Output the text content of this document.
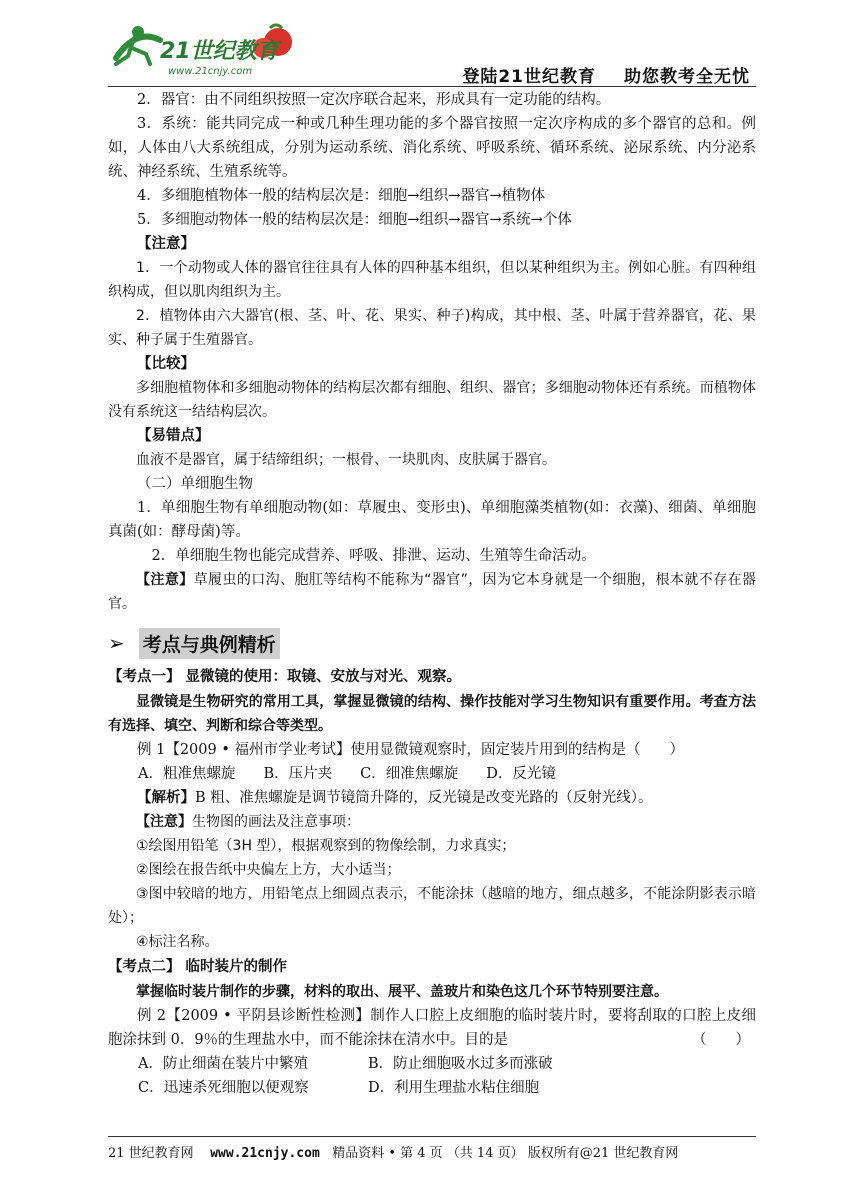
21世纪教育
www.21cnjy.com	登陆21世纪教育 助您教考全无忧

2．器官：由不同组织按照一定次序联合起来，形成具有一定功能的结构。

3．系统：能共同完成一种或几种生理功能的多个器官按照一定次序构成的多个器官的总和。例如，人体由八大系统组成，分别为运动系统、消化系统、呼吸系统、循环系统、泌尿系统、内分泌系统、神经系统、生殖系统等。

4．多细胞植物体一般的结构层次是：细胞→组织→器官→植物体

5．多细胞动物体一般的结构层次是：细胞→组织→器官→系统→个体

【注意】

1．一个动物或人体的器官往往具有人体的四种基本组织，但以某种组织为主。例如心脏。有四种组织构成，但以肌肉组织为主。

2．植物体由六大器官(根、茎、叶、花、果实、种子)构成，其中根、茎、叶属于营养器官，花、果实、种子属于生殖器官。

【比较】

多细胞植物体和多细胞动物体的结构层次都有细胞、组织、器官；多细胞动物体还有系统。而植物体没有系统这一结结构层次。

【易错点】

血液不是器官，属于结缔组织；一根骨、一块肌肉、皮肤属于器官。

（二）单细胞生物

1．单细胞生物有单细胞动物(如：草履虫、变形虫)、单细胞藻类植物(如：衣藻)、细菌、单细胞真菌(如：酵母菌)等。

2．单细胞生物也能完成营养、呼吸、排泄、运动、生殖等生命活动。

【注意】草履虫的口沟、胞肛等结构不能称为“器官”，因为它本身就是一个细胞，根本就不存在器官。

➢ 考点与典例精析

【考点一】 显微镜的使用：取镜、安放与对光、观察。

显微镜是生物研究的常用工具，掌握显微镜的结构、操作技能对学习生物知识有重要作用。考查方法有选择、填空、判断和综合等类型。

例 1【2009 • 福州市学业考试】使用显微镜观察时，固定装片用到的结构是（　　）

A．粗准焦螺旋 B．压片夹 C．细准焦螺旋 D．反光镜

【解析】B 粗、准焦螺旋是调节镜筒升降的，反光镜是改变光路的（反射光线）。

【注意】生物图的画法及注意事项：

①绘图用铅笔（3H 型），根据观察到的物像绘制，力求真实；

②图绘在报告纸中央偏左上方，大小适当；

③图中较暗的地方，用铅笔点上细圆点表示，不能涂抹（越暗的地方，细点越多，不能涂阴影表示暗处）；

④标注名称。

【考点二】 临时装片的制作

掌握临时装片制作的步骤，材料的取出、展平、盖玻片和染色这几个环节特别要注意。

例 2【2009 • 平阴县诊断性检测】制作人口腔上皮细胞的临时装片时，要将刮取的口腔上皮细胞涂抹到 0．9％的生理盐水中，而不能涂抹在清水中。目的是	（　　）

A．防止细菌在装片中繁殖	B．防止细胞吸水过多而涨破

C．迅速杀死细胞以便观察	D．利用生理盐水粘住细胞

21 世纪教育网 www.21cnjy.com 精品资料 • 第 4 页 （共 14 页） 版权所有@21 世纪教育网
